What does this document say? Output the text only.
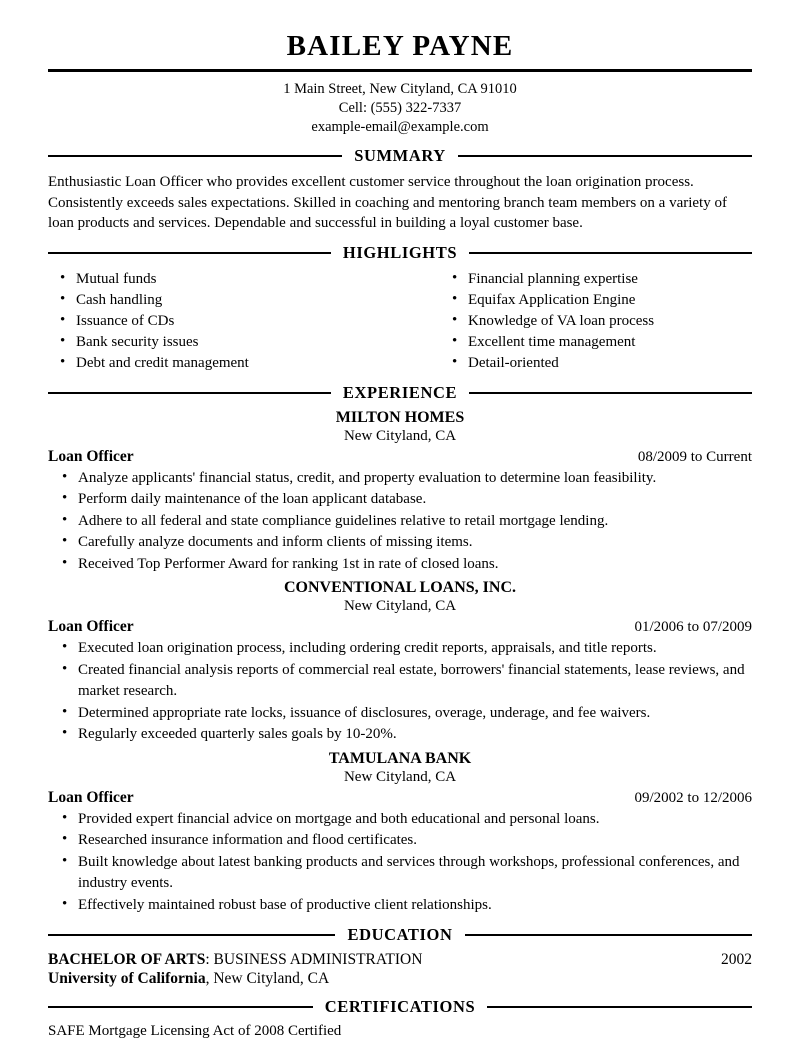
BAILEY PAYNE
1 Main Street, New Cityland, CA 91010
Cell: (555) 322-7337
example-email@example.com
SUMMARY
Enthusiastic Loan Officer who provides excellent customer service throughout the loan origination process. Consistently exceeds sales expectations. Skilled in coaching and mentoring branch team members on a variety of loan products and services. Dependable and successful in building a loyal customer base.
HIGHLIGHTS
• Mutual funds
• Cash handling
• Issuance of CDs
• Bank security issues
• Debt and credit management
• Financial planning expertise
• Equifax Application Engine
• Knowledge of VA loan process
• Excellent time management
• Detail-oriented
EXPERIENCE
MILTON HOMES
New Cityland, CA
Loan Officer	08/2009 to Current
• Analyze applicants' financial status, credit, and property evaluation to determine loan feasibility.
• Perform daily maintenance of the loan applicant database.
• Adhere to all federal and state compliance guidelines relative to retail mortgage lending.
• Carefully analyze documents and inform clients of missing items.
• Received Top Performer Award for ranking 1st in rate of closed loans.
CONVENTIONAL LOANS, INC.
New Cityland, CA
Loan Officer	01/2006 to 07/2009
• Executed loan origination process, including ordering credit reports, appraisals, and title reports.
• Created financial analysis reports of commercial real estate, borrowers' financial statements, lease reviews, and market research.
• Determined appropriate rate locks, issuance of disclosures, overage, underage, and fee waivers.
• Regularly exceeded quarterly sales goals by 10-20%.
TAMULANA BANK
New Cityland, CA
Loan Officer	09/2002 to 12/2006
• Provided expert financial advice on mortgage and both educational and personal loans.
• Researched insurance information and flood certificates.
• Built knowledge about latest banking products and services through workshops, professional conferences, and industry events.
• Effectively maintained robust base of productive client relationships.
EDUCATION
BACHELOR OF ARTS: BUSINESS ADMINISTRATION	2002
University of California, New Cityland, CA
CERTIFICATIONS
SAFE Mortgage Licensing Act of 2008 Certified
